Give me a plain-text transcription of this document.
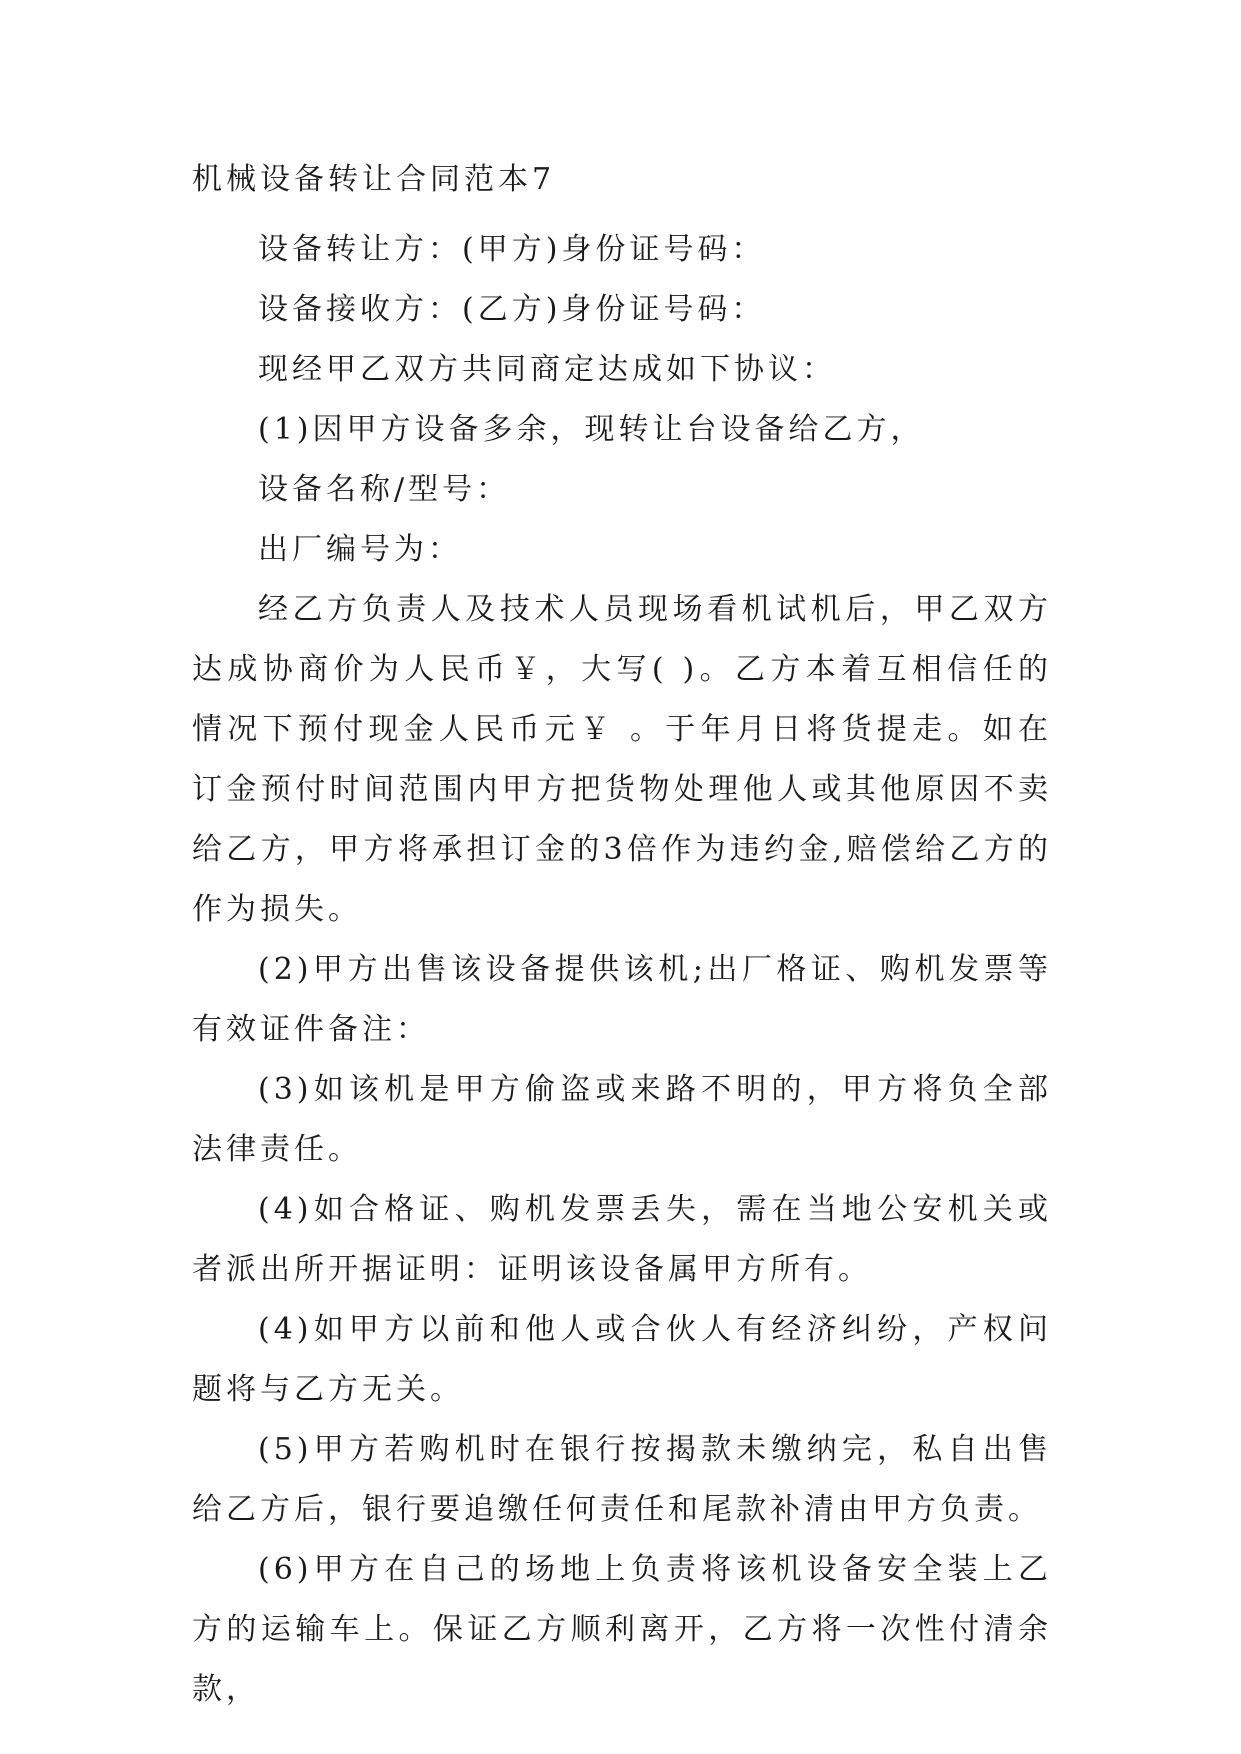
机械设备转让合同范本7

设备转让方：(甲方)身份证号码：

设备接收方：(乙方)身份证号码：

现经甲乙双方共同商定达成如下协议：

(1)因甲方设备多余，现转让台设备给乙方，

设备名称/型号：

出厂编号为：

经乙方负责人及技术人员现场看机试机后，甲乙双方达成协商价为人民币￥，大写( )。乙方本着互相信任的情况下预付现金人民币元￥ 。于年月日将货提走。如在订金预付时间范围内甲方把货物处理他人或其他原因不卖给乙方，甲方将承担订金的3倍作为违约金,赔偿给乙方的作为损失。

(2)甲方出售该设备提供该机;出厂格证、购机发票等有效证件备注：

(3)如该机是甲方偷盗或来路不明的，甲方将负全部法律责任。

(4)如合格证、购机发票丢失，需在当地公安机关或者派出所开据证明：证明该设备属甲方所有。

(4)如甲方以前和他人或合伙人有经济纠纷，产权问题将与乙方无关。

(5)甲方若购机时在银行按揭款未缴纳完，私自出售给乙方后，银行要追缴任何责任和尾款补清由甲方负责。

(6)甲方在自己的场地上负责将该机设备安全装上乙方的运输车上。保证乙方顺利离开，乙方将一次性付清余款，
